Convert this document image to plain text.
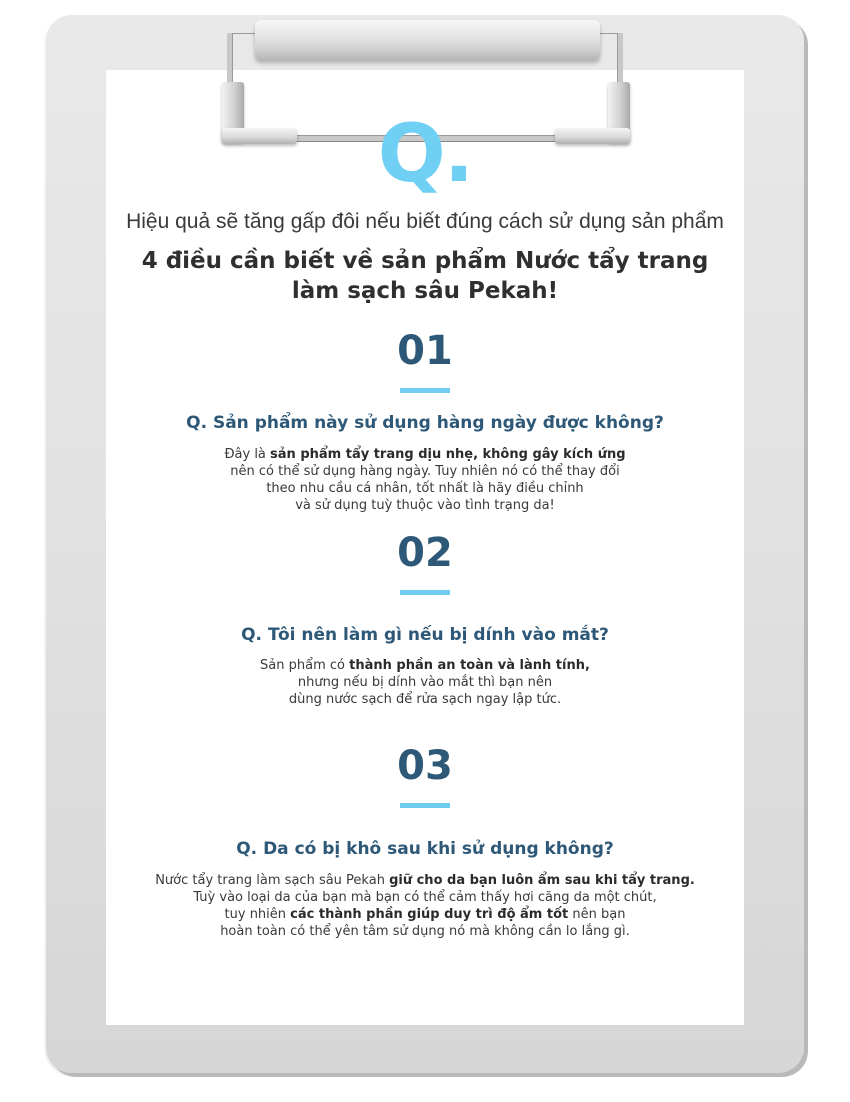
Q.
Hiệu quả sẽ tăng gấp đôi nếu biết đúng cách sử dụng sản phẩm
4 điều cần biết về sản phẩm Nước tẩy trang
làm sạch sâu Pekah!
01
Q. Sản phẩm này sử dụng hàng ngày được không?
Đây là sản phẩm tẩy trang dịu nhẹ, không gây kích ứng
nên có thể sử dụng hàng ngày. Tuy nhiên nó có thể thay đổi
theo nhu cầu cá nhân, tốt nhất là hãy điều chỉnh
và sử dụng tuỳ thuộc vào tình trạng da!
02
Q. Tôi nên làm gì nếu bị dính vào mắt?
Sản phẩm có thành phần an toàn và lành tính,
nhưng nếu bị dính vào mắt thì bạn nên
dùng nước sạch để rửa sạch ngay lập tức.
03
Q. Da có bị khô sau khi sử dụng không?
Nước tẩy trang làm sạch sâu Pekah giữ cho da bạn luôn ẩm sau khi tẩy trang.
Tuỳ vào loại da của bạn mà bạn có thể cảm thấy hơi căng da một chút,
tuy nhiên các thành phần giúp duy trì độ ẩm tốt nên bạn
hoàn toàn có thể yên tâm sử dụng nó mà không cần lo lắng gì.
